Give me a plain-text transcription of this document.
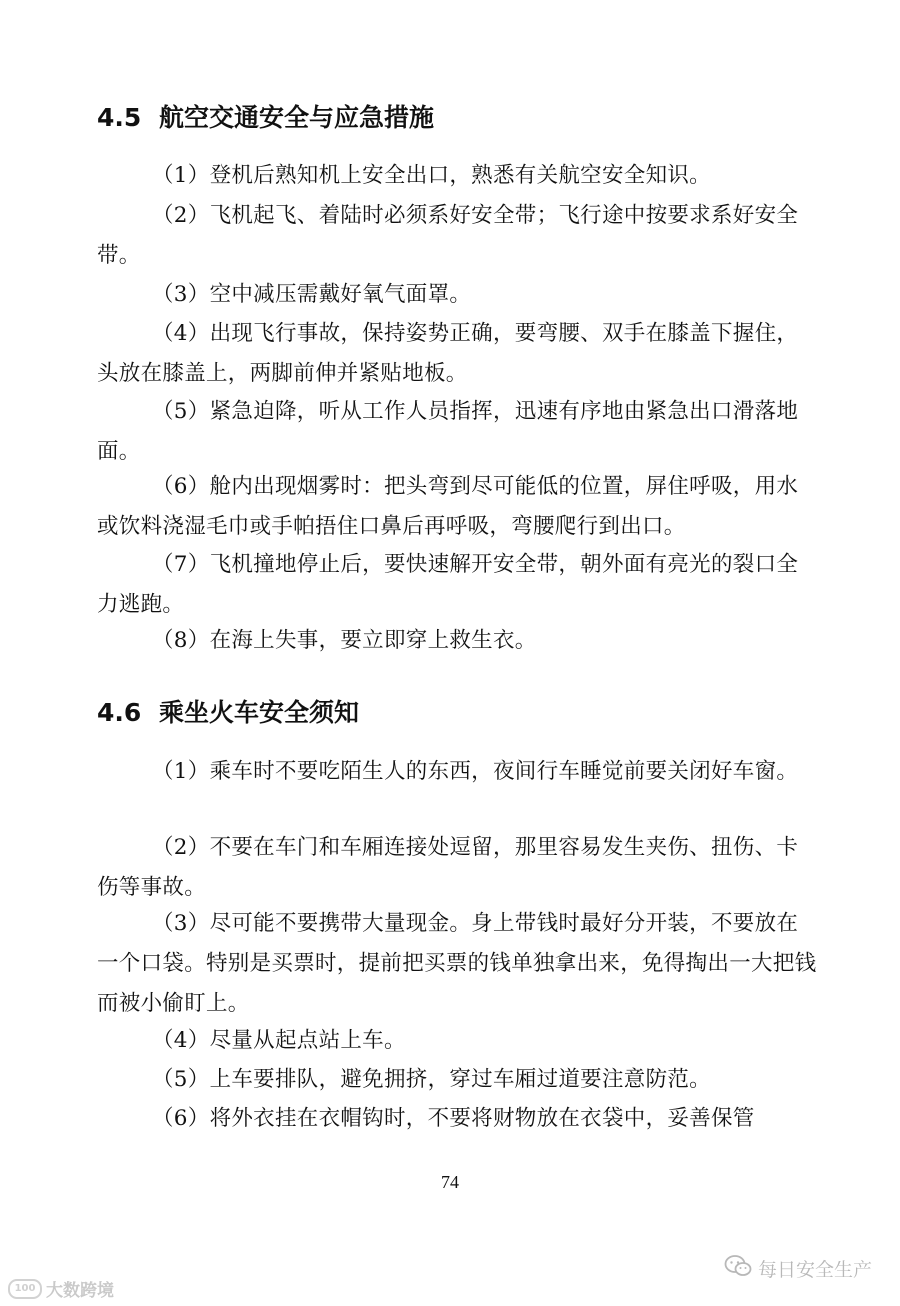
4.5 航空交通安全与应急措施

（1）登机后熟知机上安全出口，熟悉有关航空安全知识。

（2）飞机起飞、着陆时必须系好安全带；飞行途中按要求系好安全带。

（3）空中减压需戴好氧气面罩。

（4）出现飞行事故，保持姿势正确，要弯腰、双手在膝盖下握住，头放在膝盖上，两脚前伸并紧贴地板。

（5）紧急迫降，听从工作人员指挥，迅速有序地由紧急出口滑落地面。

（6）舱内出现烟雾时：把头弯到尽可能低的位置，屏住呼吸，用水或饮料浇湿毛巾或手帕捂住口鼻后再呼吸，弯腰爬行到出口。

（7）飞机撞地停止后，要快速解开安全带，朝外面有亮光的裂口全力逃跑。

（8）在海上失事，要立即穿上救生衣。

4.6 乘坐火车安全须知

（1）乘车时不要吃陌生人的东西，夜间行车睡觉前要关闭好车窗。

（2）不要在车门和车厢连接处逗留，那里容易发生夹伤、扭伤、卡伤等事故。

（3）尽可能不要携带大量现金。身上带钱时最好分开装，不要放在一个口袋。特别是买票时，提前把买票的钱单独拿出来，免得掏出一大把钱而被小偷盯上。

（4）尽量从起点站上车。

（5）上车要排队，避免拥挤，穿过车厢过道要注意防范。

（6）将外衣挂在衣帽钩时，不要将财物放在衣袋中，妥善保管

74

100 大数跨境
每日安全生产
